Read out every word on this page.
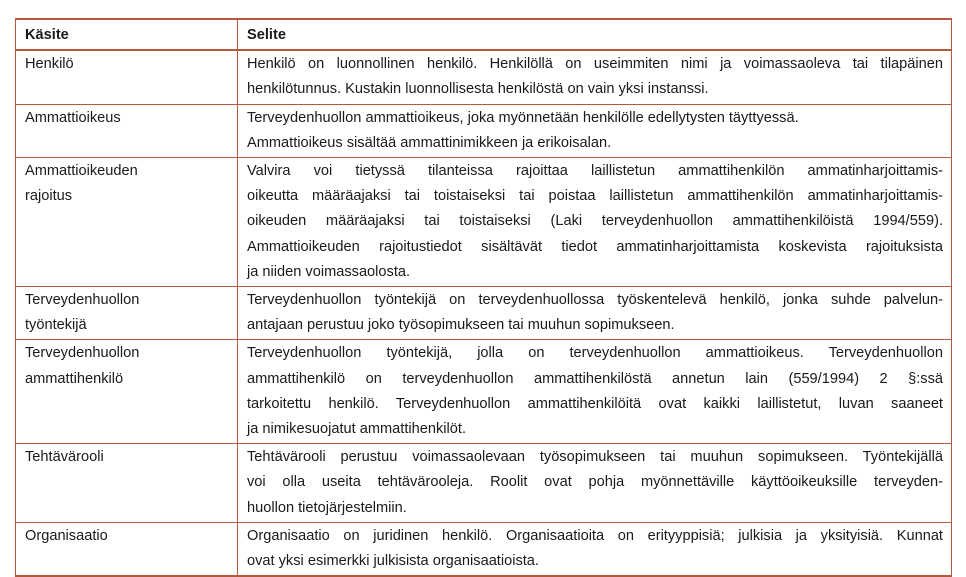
Käsite	Selite

Henkilö	Henkilö on luonnollinen henkilö. Henkilöllä on useimmiten nimi ja voimassaoleva tai tilapäinen
henkilötunnus. Kustakin luonnollisesta henkilöstä on vain yksi instanssi.

Ammattioikeus	Terveydenhuollon ammattioikeus, joka myönnetään henkilölle edellytysten täyttyessä.
Ammattioikeus sisältää ammattinimikkeen ja erikoisalan.

Ammattioikeuden
rajoitus	Valvira voi tietyssä tilanteissa rajoittaa laillistetun ammattihenkilön ammatinharjoittamis-
oikeutta määräajaksi tai toistaiseksi tai poistaa laillistetun ammattihenkilön ammatinharjoittamis-
oikeuden määräajaksi tai toistaiseksi (Laki terveydenhuollon ammattihenkilöistä 1994/559).
Ammattioikeuden rajoitustiedot sisältävät tiedot ammatinharjoittamista koskevista rajoituksista
ja niiden voimassaolosta.

Terveydenhuollon
työntekijä	Terveydenhuollon työntekijä on terveydenhuollossa työskentelevä henkilö, jonka suhde palvelun-
antajaan perustuu joko työsopimukseen tai muuhun sopimukseen.

Terveydenhuollon
ammattihenkilö	Terveydenhuollon työntekijä, jolla on terveydenhuollon ammattioikeus. Terveydenhuollon
ammattihenkilö on terveydenhuollon ammattihenkilöstä annetun lain (559/1994) 2 §:ssä
tarkoitettu henkilö. Terveydenhuollon ammattihenkilöitä ovat kaikki laillistetut, luvan saaneet
ja nimikesuojatut ammattihenkilöt.

Tehtävärooli	Tehtävärooli perustuu voimassaolevaan työsopimukseen tai muuhun sopimukseen. Työntekijällä
voi olla useita tehtävärooleja. Roolit ovat pohja myönnettäville käyttöoikeuksille terveyden-
huollon tietojärjestelmiin.

Organisaatio	Organisaatio on juridinen henkilö. Organisaatioita on erityyppisiä; julkisia ja yksityisiä. Kunnat
ovat yksi esimerkki julkisista organisaatioista.
